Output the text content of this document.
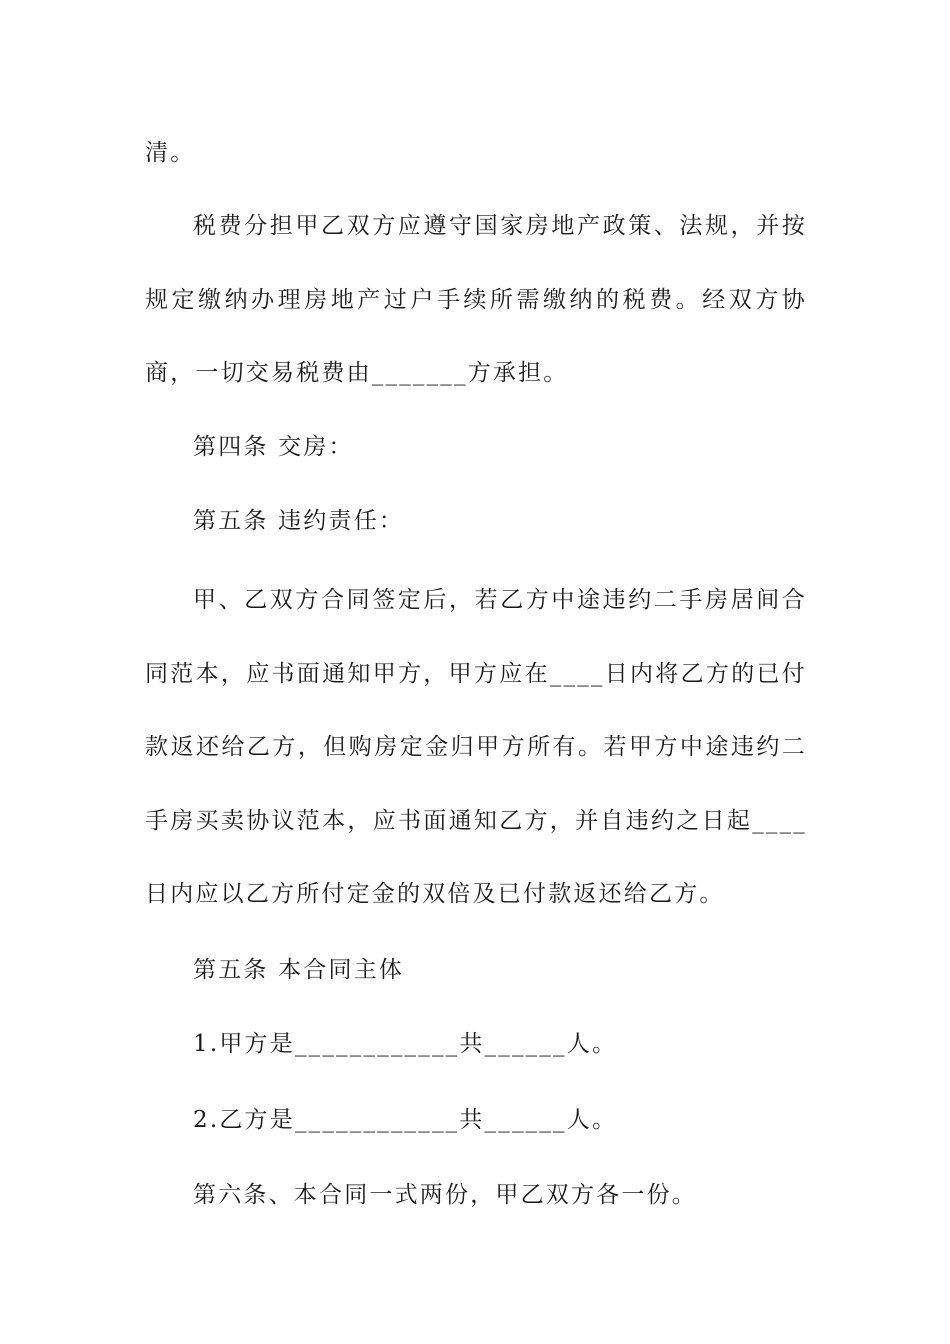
清。

税费分担甲乙双方应遵守国家房地产政策、法规，并按规定缴纳办理房地产过户手续所需缴纳的税费。经双方协商，一切交易税费由_______方承担。

第四条 交房：

第五条 违约责任：

甲、乙双方合同签定后，若乙方中途违约二手房居间合同范本，应书面通知甲方，甲方应在____日内将乙方的已付款返还给乙方，但购房定金归甲方所有。若甲方中途违约二手房买卖协议范本，应书面通知乙方，并自违约之日起____日内应以乙方所付定金的双倍及已付款返还给乙方。

第五条 本合同主体

1.甲方是____________共______人。

2.乙方是____________共______人。

第六条、本合同一式两份，甲乙双方各一份。
